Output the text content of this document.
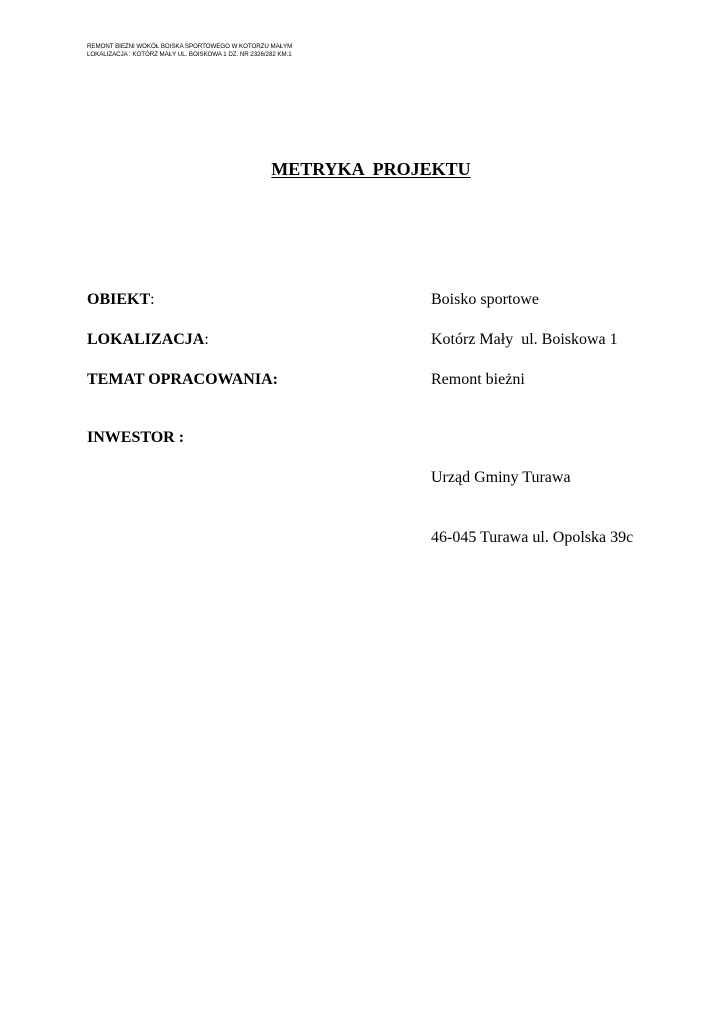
REMONT BIEŻNI WOKÓŁ BOISKA SPORTOWEGO W KOTORZU MAŁYM
LOKALIZACJA : KOTÓRZ MAŁY UL. BOISKOWA 1 DZ. NR 2326/282 KM.1
METRYKA  PROJEKTU
OBIEKT:	Boisko sportowe
LOKALIZACJA:	Kotórz Mały  ul. Boiskowa 1
TEMAT OPRACOWANIA:	Remont bieżni
INWESTOR :

Urząd Gminy Turawa

46-045 Turawa ul. Opolska 39c
